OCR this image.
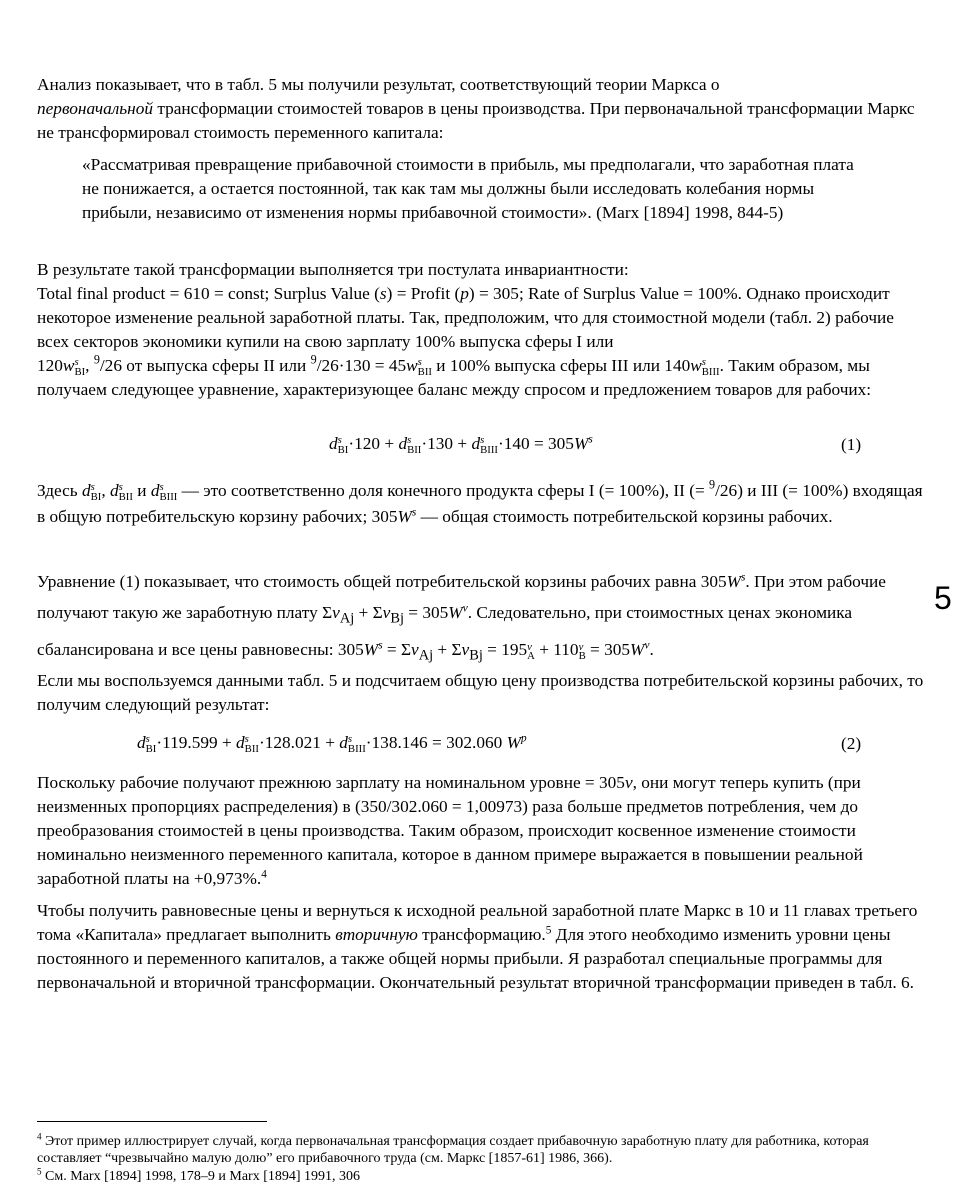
Анализ показывает, что в табл. 5 мы получили результат, соответствующий теории Маркса о
первоначальной трансформации стоимостей товаров в цены производства. При первоначальной трансформации Маркс не трансформировал стоимость переменного капитала:

«Рассматривая превращение прибавочной стоимости в прибыль, мы предполагали, что заработная плата не понижается, а остается постоянной, так как там мы должны были исследовать колебания нормы прибыли, независимо от изменения нормы прибавочной стоимости». (Marx [1894] 1998, 844-5)

В результате такой трансформации выполняется три постулата инвариантности:
Total final product = 610 = const; Surplus Value (s) = Profit (p) = 305; Rate of Surplus Value = 100%. Однако происходит некоторое изменение реальной заработной платы. Так, предположим, что для стоимостной модели (табл. 2) рабочие всех секторов экономики купили на свою зарплату 100% выпуска сферы I или
120w s
BI , $^9$/26 от выпуска сферы II или $^9$/26·130 = 45w s
BII и 100% выпуска сферы III или 140w s
BIII . Таким образом, мы получаем следующее уравнение, характеризующее баланс между спросом и предложением товаров для рабочих:

d s
BI ·120 + d s
BII ·130 + d s
BIII $\cdot 140 = 305W^s$	(1)

Здесь d s
BI , d s
BII и d s
BIII — это соответственно доля конечного продукта сферы I (= 100%), II (= $^9$/26) и III (= 100%) входящая в общую потребительскую корзину рабочих; $305W^s$ — общая стоимость потребительской корзины рабочих.

Уравнение (1) показывает, что стоимость общей потребительской корзины рабочих равна $305W^s$. При этом рабочие получают такую же заработную плату $\Sigma v_{Aj} + \Sigma v_{Bj} = 305W^v$. Следовательно, при стоимостных ценах экономика сбалансирована и все цены равновесны: $305W^s = \Sigma v_{Aj} + \Sigma v_{Bj} = 195$ v
A + 110 v
$B = 305W^v$.

5

Если мы воспользуемся данными табл. 5 и подсчитаем общую цену производства потребительской корзины рабочих, то получим следующий результат:

d s
BI ·119.599 + d s
BII ·128.021 + d s
BIII ·138.146 = 302.060 $W^p$	(2)

Поскольку рабочие получают прежнюю зарплату на номинальном уровне = 305v, они могут теперь купить (при неизменных пропорциях распределения) в (350/302.060 = 1,00973) раза больше предметов потребления, чем до преобразования стоимостей в цены производства. Таким образом, происходит косвенное изменение стоимости номинально неизменного переменного капитала, которое в данном примере выражается в повышении реальной заработной платы на +0,973%.$^4$

Чтобы получить равновесные цены и вернуться к исходной реальной заработной плате Маркс в 10 и 11 главах третьего тома «Капитала» предлагает выполнить вторичную трансформацию.$^5$ Для этого необходимо изменить уровни цены постоянного и переменного капиталов, а также общей нормы прибыли. Я разработал специальные программы для первоначальной и вторичной трансформации. Окончательный результат вторичной трансформации приведен в табл. 6.

$^4$ Этот пример иллюстрирует случай, когда первоначальная трансформация создает прибавочную заработную плату для работника, которая составляет “чрезвычайно малую долю” его прибавочного труда (см. Маркс [1857-61] 1986, 366).

$^5$ См. Marx [1894] 1998, 178–9 и Marx [1894] 1991, 306
